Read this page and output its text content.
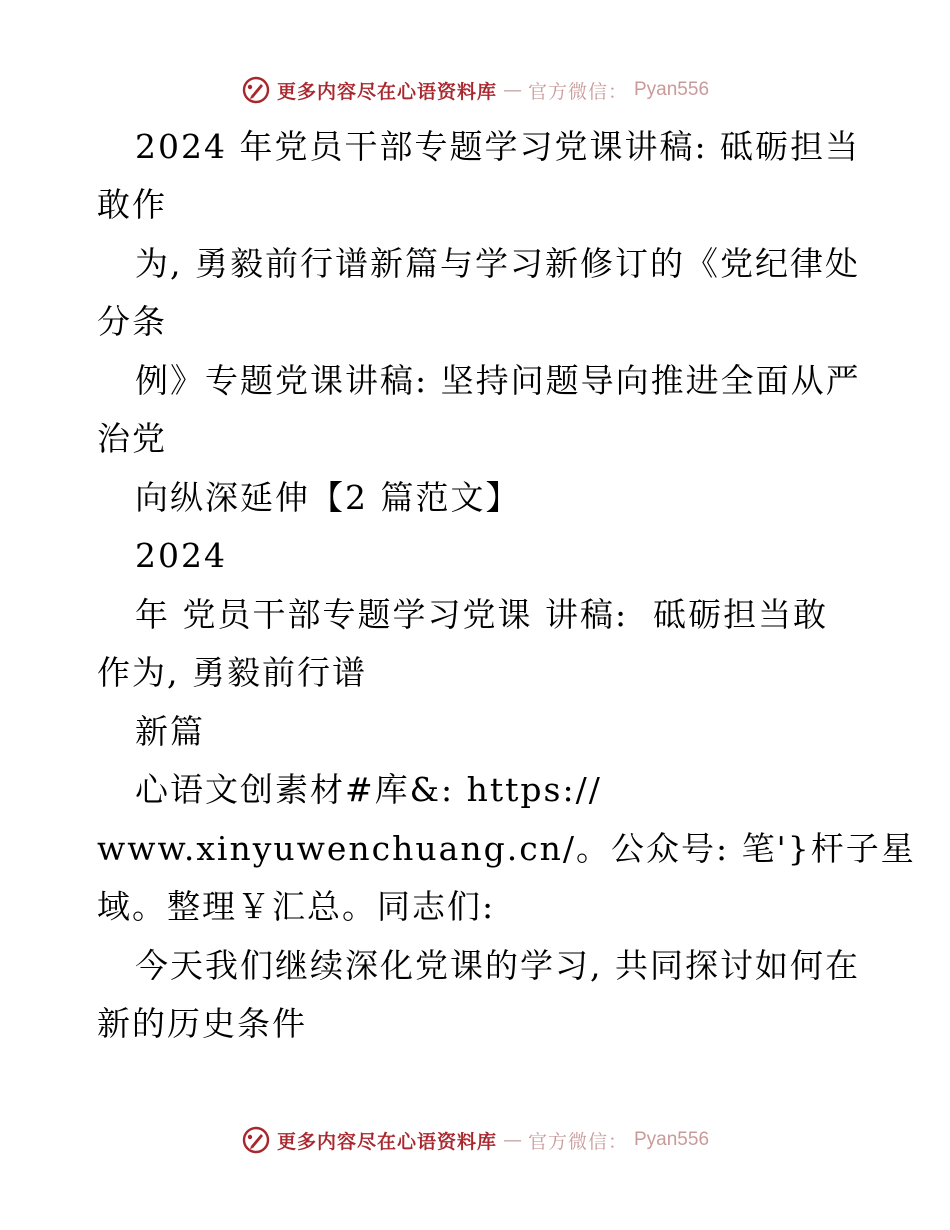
更多内容尽在心语资料库 — 官方微信： Pyan556
2024 年党员干部专题学习党课讲稿: 砥砺担当
敢作
为, 勇毅前行谱新篇与学习新修订的《党纪律处
分条
例》专题党课讲稿: 坚持问题导向推进全面从严
治党
向纵深延伸【2 篇范文】
2024
年 党员干部专题学习党课 讲稿:  砥砺担当敢
作为, 勇毅前行谱
新篇
心语文创素材#库&: https://
www.xinyuwenchuang.cn/。公众号: 笔'}杆子星
域。整理￥汇总。同志们:
今天我们继续深化党课的学习, 共同探讨如何在
新的历史条件
更多内容尽在心语资料库 — 官方微信： Pyan556
